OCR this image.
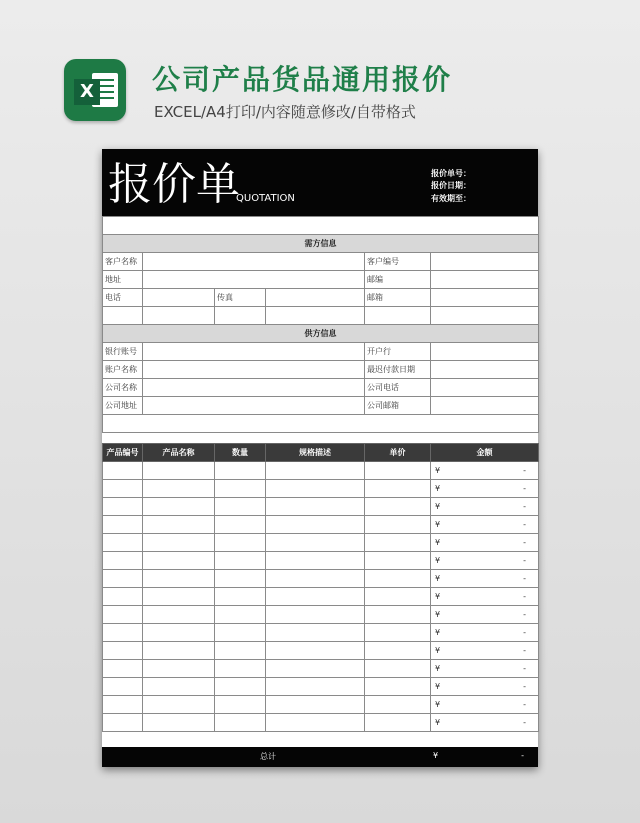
X 公司产品货品通用报价
EXCEL/A4打印/内容随意修改/自带格式
报价单
QUOTATION
报价单号：
报价日期：
有效期至：

需方信息					
客户名称				客户编号	
地址				邮编	
电话		传真		邮箱	

供方信息					
银行账号				开户行	
账户名称				最迟付款日期	
公司名称				公司电话	
公司地址				公司邮箱	

产品编号	产品名称	数量	规格描述	单价	金额

					¥ -

					¥ -

					¥ -

					¥ -

					¥ -

					¥ -

					¥ -

					¥ -

					¥ -

					¥ -

					¥ -

					¥ -

					¥ -

					¥ -

					¥ -
总计	¥	-
